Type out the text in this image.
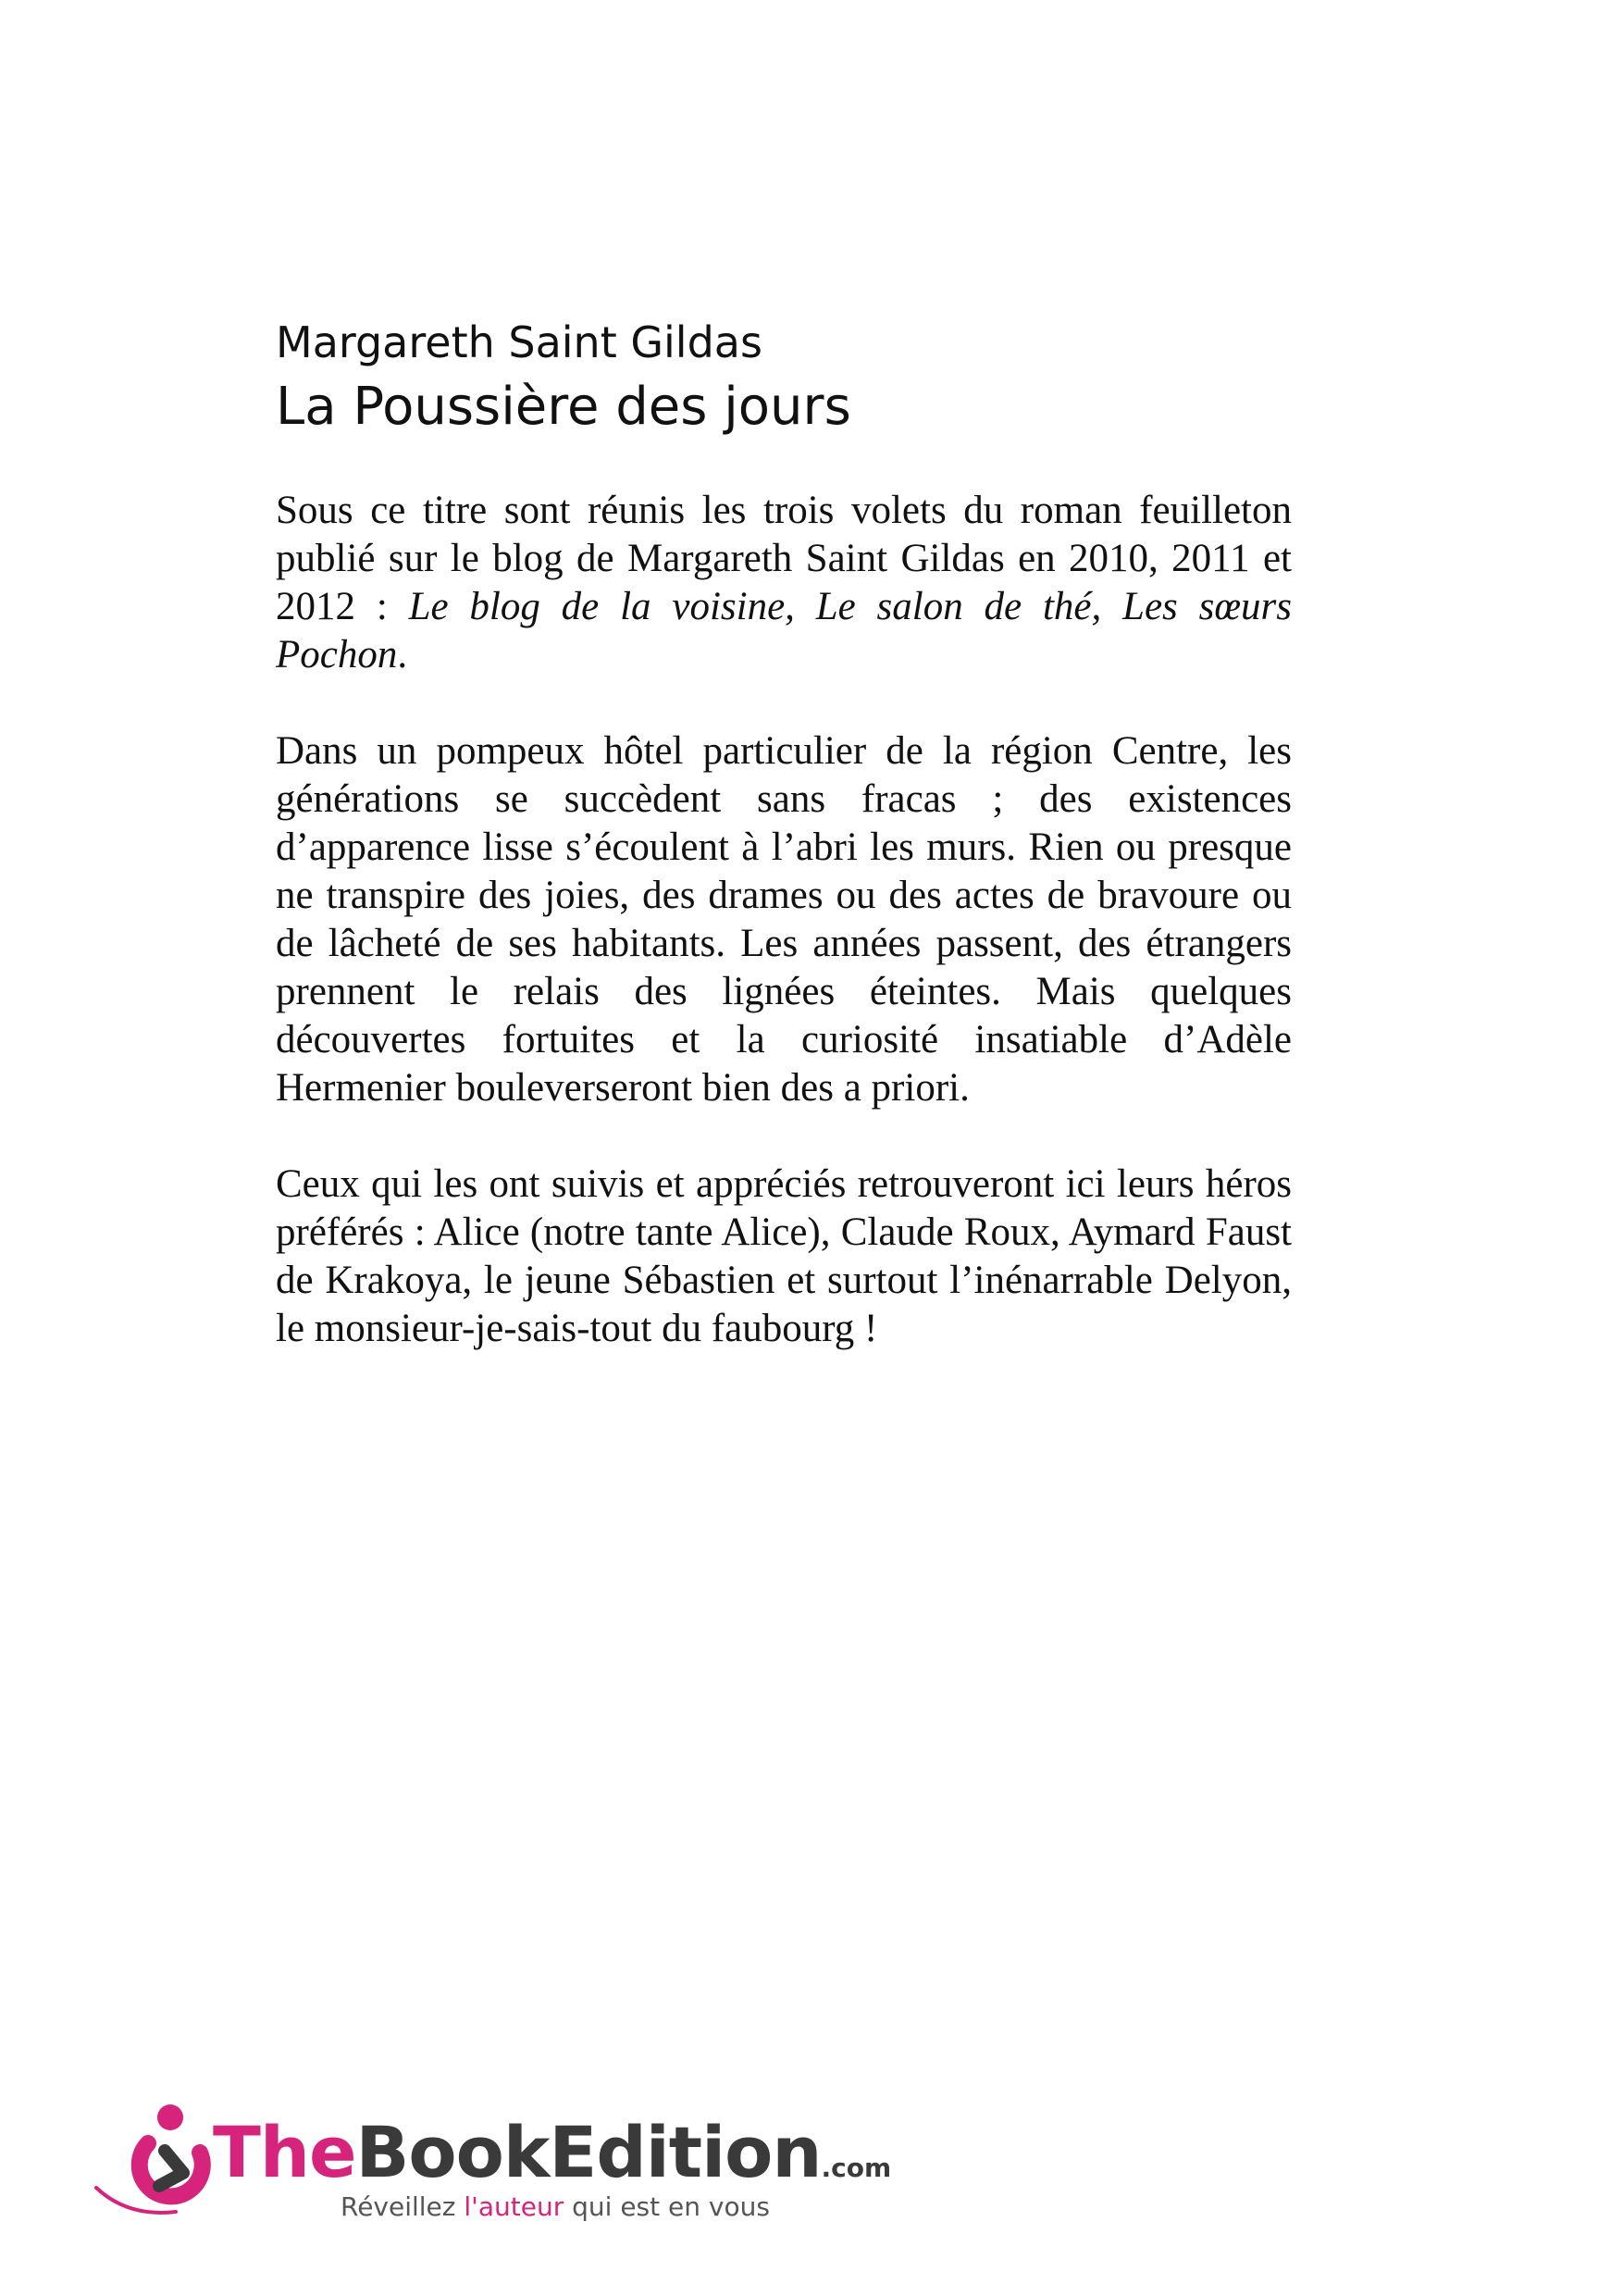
Margareth Saint Gildas
La Poussière des jours

Sous ce titre sont réunis les trois volets du roman feuilleton publié sur le blog de Margareth Saint Gildas en 2010, 2011 et 2012 : Le blog de la voisine, Le salon de thé, Les sœurs Pochon.

Dans un pompeux hôtel particulier de la région Centre, les générations se succèdent sans fracas ; des existences d’apparence lisse s’écoulent à l’abri les murs. Rien ou presque ne transpire des joies, des drames ou des actes de bravoure ou de lâcheté de ses habitants. Les années passent, des étrangers prennent le relais des lignées éteintes. Mais quelques découvertes fortuites et la curiosité insatiable d’Adèle Hermenier bouleverseront bien des a priori.

Ceux qui les ont suivis et appréciés retrouveront ici leurs héros préférés : Alice (notre tante Alice), Claude Roux, Aymard Faust de Krakoya, le jeune Sébastien et surtout l’inénarrable Delyon, le monsieur-je-sais-tout du faubourg !

TheBookEdition.com
Réveillez l'auteur qui est en vous
